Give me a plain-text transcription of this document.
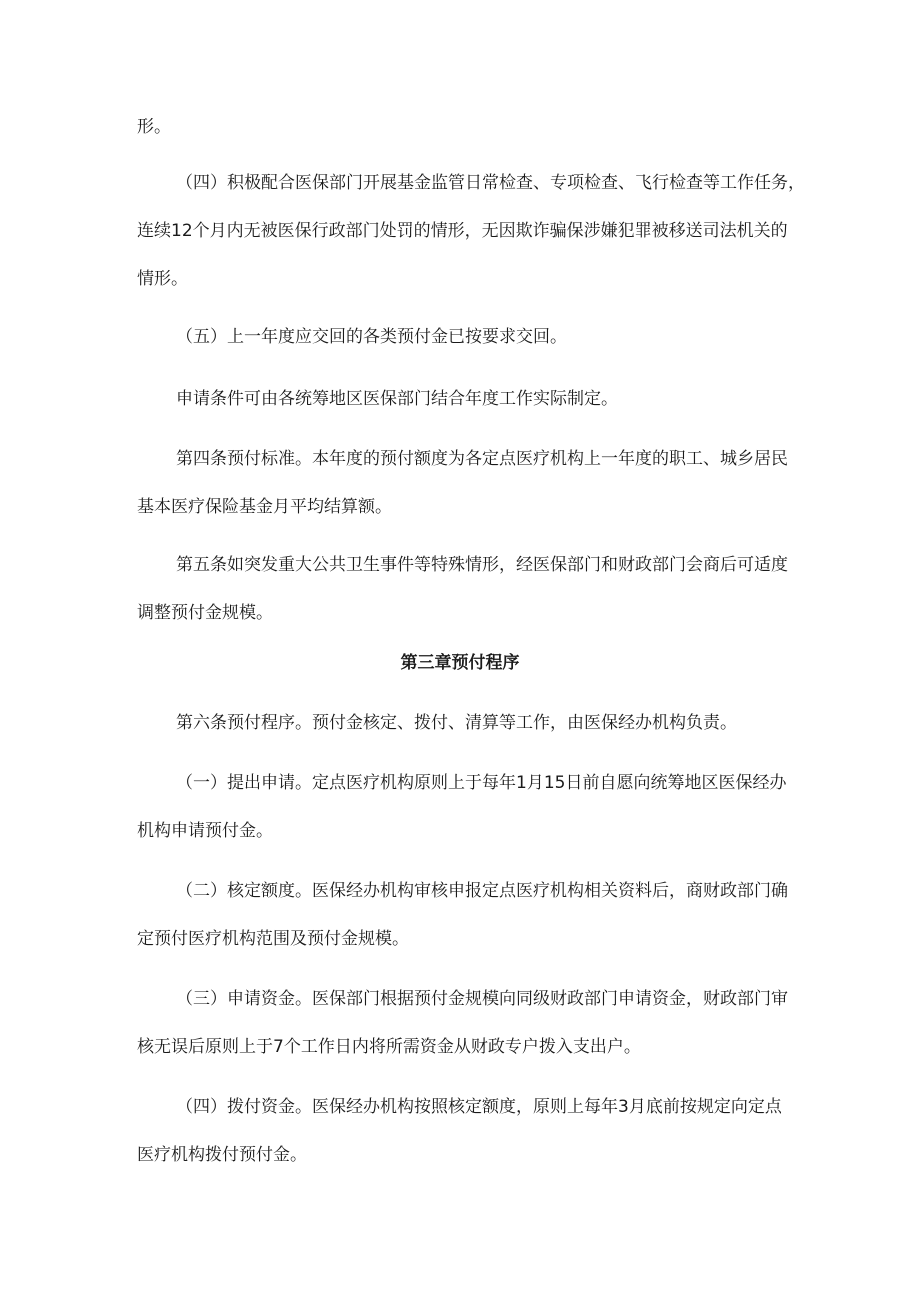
形。

（四）积极配合医保部门开展基金监管日常检查、专项检查、飞行检查等工作任务，

连续12个月内无被医保行政部门处罚的情形，无因欺诈骗保涉嫌犯罪被移送司法机关的

情形。

（五）上一年度应交回的各类预付金已按要求交回。

申请条件可由各统筹地区医保部门结合年度工作实际制定。

第四条预付标准。本年度的预付额度为各定点医疗机构上一年度的职工、城乡居民

基本医疗保险基金月平均结算额。

第五条如突发重大公共卫生事件等特殊情形，经医保部门和财政部门会商后可适度

调整预付金规模。

第三章预付程序

第六条预付程序。预付金核定、拨付、清算等工作，由医保经办机构负责。

（一）提出申请。定点医疗机构原则上于每年1月15日前自愿向统筹地区医保经办

机构申请预付金。

（二）核定额度。医保经办机构审核申报定点医疗机构相关资料后，商财政部门确

定预付医疗机构范围及预付金规模。

（三）申请资金。医保部门根据预付金规模向同级财政部门申请资金，财政部门审

核无误后原则上于7个工作日内将所需资金从财政专户拨入支出户。

（四）拨付资金。医保经办机构按照核定额度，原则上每年3月底前按规定向定点

医疗机构拨付预付金。
